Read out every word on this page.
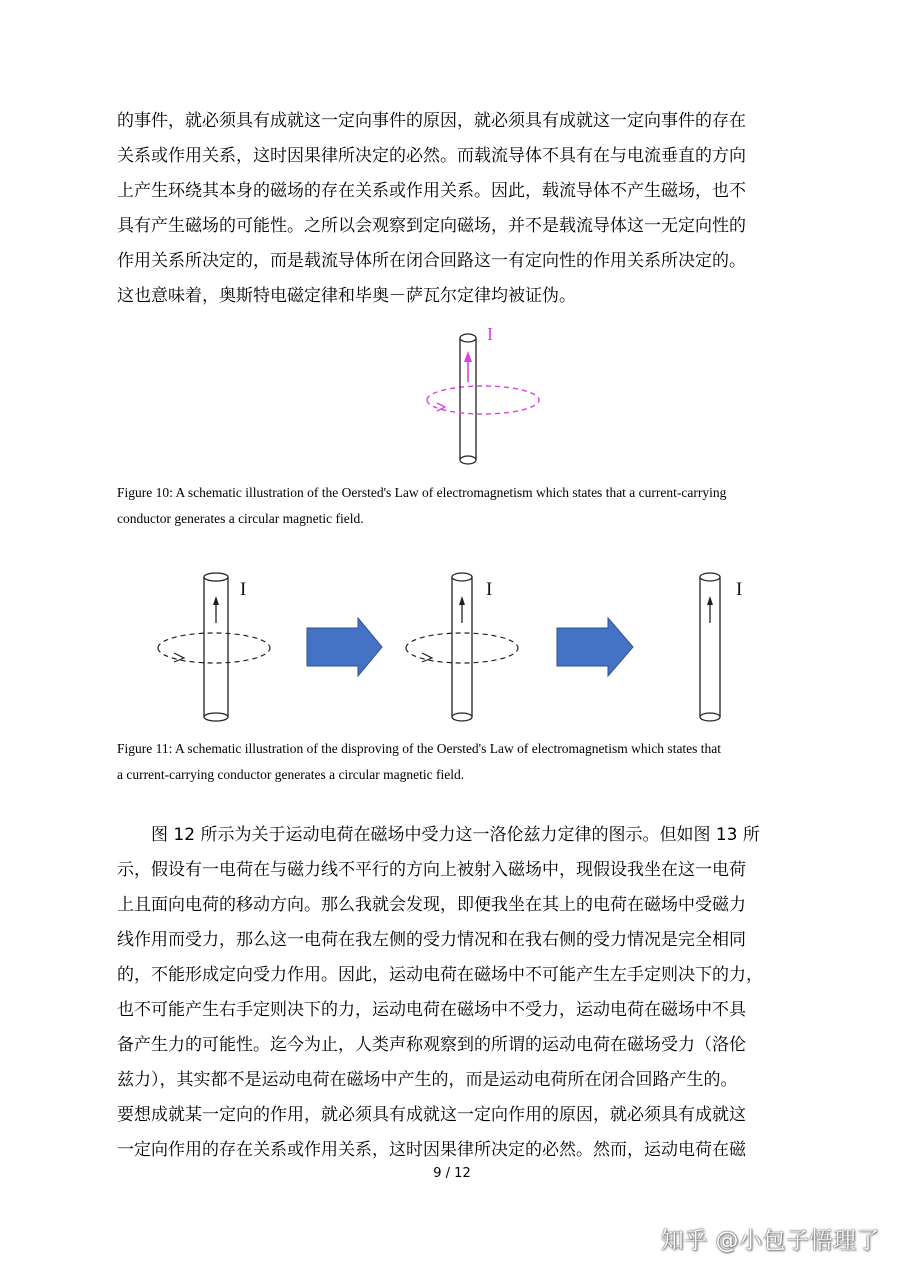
的事件，就必须具有成就这一定向事件的原因，就必须具有成就这一定向事件的存在
关系或作用关系，这时因果律所决定的必然。而载流导体不具有在与电流垂直的方向
上产生环绕其本身的磁场的存在关系或作用关系。因此，载流导体不产生磁场，也不
具有产生磁场的可能性。之所以会观察到定向磁场，并不是载流导体这一无定向性的
作用关系所决定的，而是载流导体所在闭合回路这一有定向性的作用关系所决定的。
这也意味着，奥斯特电磁定律和毕奥－萨瓦尔定律均被证伪。
I
Figure 10: A schematic illustration of the Oersted's Law of electromagnetism which states that a current-carrying
conductor generates a circular magnetic field.
I	I	I
Figure 11: A schematic illustration of the disproving of the Oersted's Law of electromagnetism which states that
a current-carrying conductor generates a circular magnetic field.
图 12 所示为关于运动电荷在磁场中受力这一洛伦兹力定律的图示。但如图 13 所
示，假设有一电荷在与磁力线不平行的方向上被射入磁场中，现假设我坐在这一电荷
上且面向电荷的移动方向。那么我就会发现，即便我坐在其上的电荷在磁场中受磁力
线作用而受力，那么这一电荷在我左侧的受力情况和在我右侧的受力情况是完全相同
的，不能形成定向受力作用。因此，运动电荷在磁场中不可能产生左手定则决下的力，
也不可能产生右手定则决下的力，运动电荷在磁场中不受力，运动电荷在磁场中不具
备产生力的可能性。迄今为止，人类声称观察到的所谓的运动电荷在磁场受力（洛伦
兹力），其实都不是运动电荷在磁场中产生的，而是运动电荷所在闭合回路产生的。
要想成就某一定向的作用，就必须具有成就这一定向作用的原因，就必须具有成就这
一定向作用的存在关系或作用关系，这时因果律所决定的必然。然而，运动电荷在磁
9 / 12
知乎 @小包子悟理了
